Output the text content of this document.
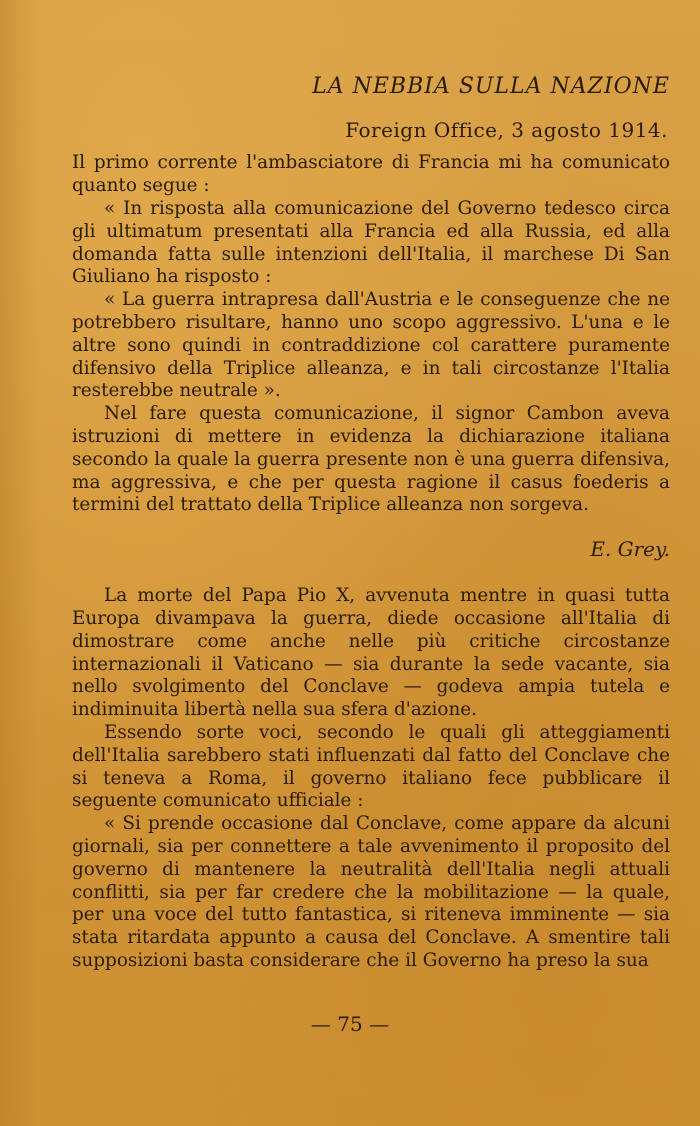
LA NEBBIA SULLA NAZIONE
Foreign Office, 3 agosto 1914.

Il primo corrente l'ambasciatore di Francia mi ha comunicato quanto segue :

« In risposta alla comunicazione del Governo tedesco circa gli ultimatum presentati alla Francia ed alla Russia, ed alla domanda fatta sulle intenzioni dell'Italia, il marchese Di San Giuliano ha risposto :

« La guerra intrapresa dall'Austria e le conseguenze che ne potrebbero risultare, hanno uno scopo aggressivo. L'una e le altre sono quindi in contraddizione col carattere puramente difensivo della Triplice alleanza, e in tali circostanze l'Italia resterebbe neutrale ».

Nel fare questa comunicazione, il signor Cambon aveva istruzioni di mettere in evidenza la dichiarazione italiana secondo la quale la guerra presente non è una guerra difensiva, ma aggressiva, e che per questa ragione il casus foederis a termini del trattato della Triplice alleanza non sorgeva.

E. Grey.

La morte del Papa Pio X, avvenuta mentre in quasi tutta Europa divampava la guerra, diede occasione all'Italia di dimostrare come anche nelle più critiche circostanze internazionali il Vaticano — sia durante la sede vacante, sia nello svolgimento del Conclave — godeva ampia tutela e indiminuita libertà nella sua sfera d'azione.

Essendo sorte voci, secondo le quali gli atteggiamenti dell'Italia sarebbero stati influenzati dal fatto del Conclave che si teneva a Roma, il governo italiano fece pubblicare il seguente comunicato ufficiale :

« Si prende occasione dal Conclave, come appare da alcuni giornali, sia per connettere a tale avvenimento il proposito del governo di mantenere la neutralità dell'Italia negli attuali conflitti, sia per far credere che la mobilitazione — la quale, per una voce del tutto fantastica, si riteneva imminente — sia stata ritardata appunto a causa del Conclave. A smentire tali supposizioni basta considerare che il Governo ha preso la sua

— 75 —
